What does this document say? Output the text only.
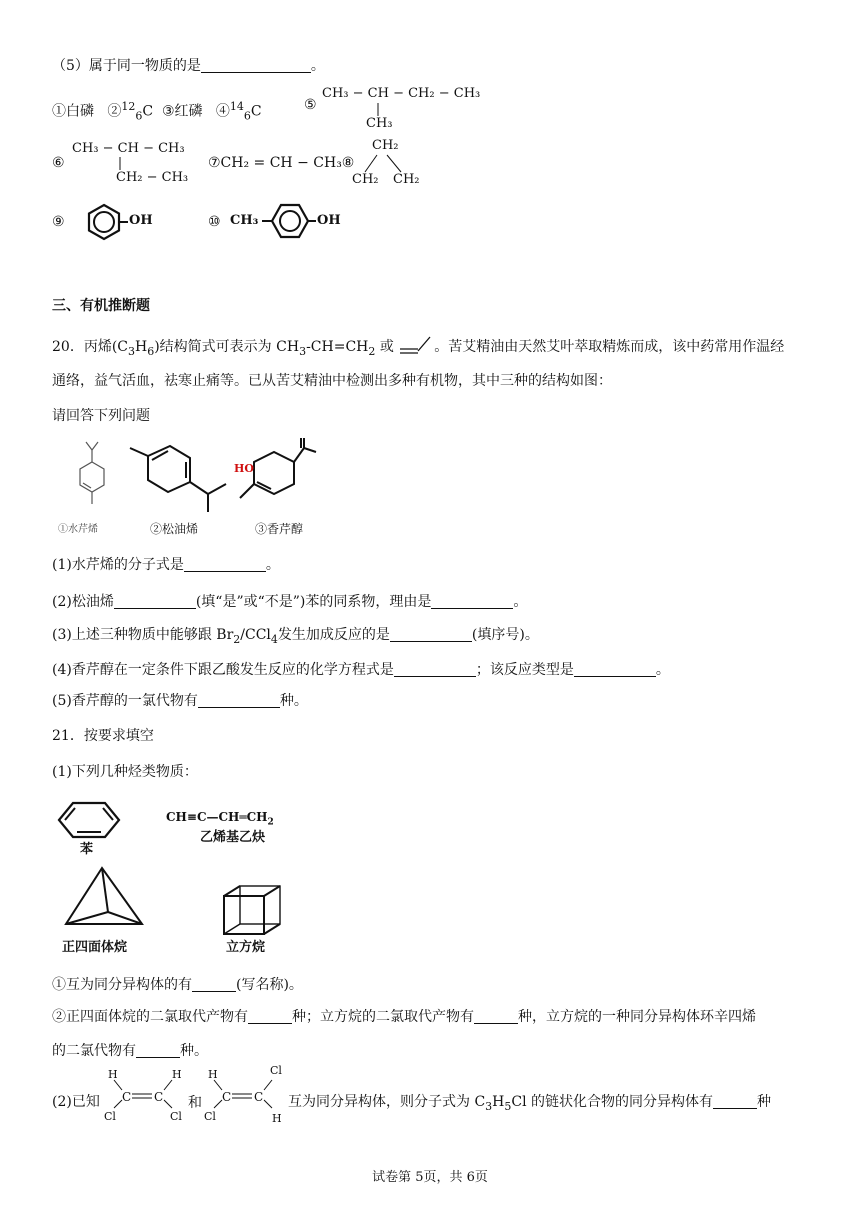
（5）属于同一物质的是	。
①白磷 ②$^{12}_6$C ③红磷 ④$^{14}_6$C	⑤
CH₃ − CH − CH₂ − CH₃
CH₃
⑥
CH₃ − CH − CH₃
CH₂ − CH₃
⑦CH₂ = CH − CH₃⑧
CH₂
CH₂ CH₂
⑨	OH	⑩ CH₃	OH
三、有机推断题
20．丙烯$(C_3H_6)$结构简式可表示为 $CH_3-CH=CH_2$ 或	。苦艾精油由天然艾叶萃取精炼而成，该中药常用作温经
通络，益气活血，祛寒止痛等。已从苦艾精油中检测出多种有机物，其中三种的结构如图：
请回答下列问题
HO
①水芹烯	②松油烯	③香芹醇
(1)水芹烯的分子式是	。
(2)松油烯	(填“是”或“不是”)苯的同系物，理由是	。
(3)上述三种物质中能够跟 $Br_2/CCl_4$发生加成反应的是	(填序号)。
(4)香芹醇在一定条件下跟乙酸发生反应的化学方程式是	；该反应类型是	。
(5)香芹醇的一氯代物有	种。
21．按要求填空
(1)下列几种烃类物质：
苯
$CH\equiv C—CH═CH_2$
乙烯基乙炔
正四面体烷	立方烷
①互为同分异构体的有	(写名称)。
②正四面体烷的二氯取代产物有	种；立方烷的二氯取代产物有	种，立方烷的一种同分异构体环辛四烯
的二氯代物有	种。
(2)已知
H
C
Cl
C
H
Cl
和
H
C
Cl
C
Cl
H
互为同分异构体，则分子式为 $C_3H_5Cl$ 的链状化合物的同分异构体有	种
试卷第 5页，共 6页
